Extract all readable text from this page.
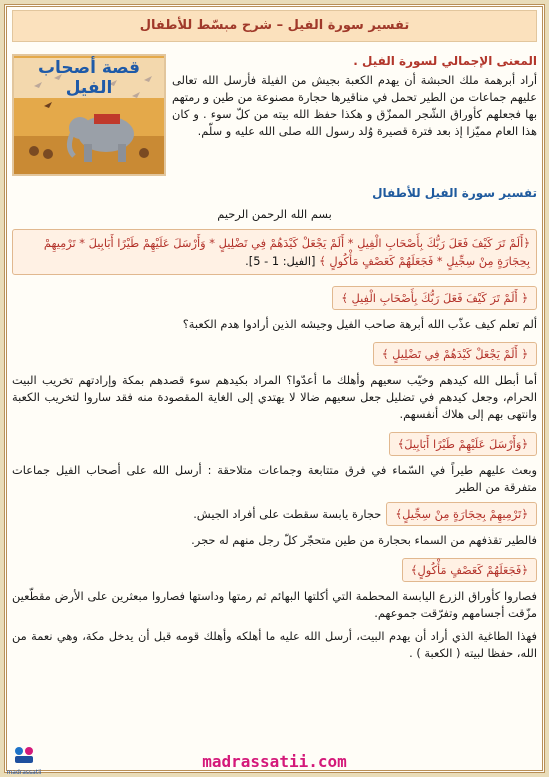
تفسير سورة الفيل – شرح مبسّط للأطفال
المعنى الإجمالي لسورة الفيل .

أراد أبرهمة ملك الحبشة أن يهدم الكعبة بجيش من الفيلة فأرسل الله تعالى عليهم جماعات من الطير تحمل في مناقيرها حجارة مصنوعة من طين و رمتهم بها فجعلهم كأوراق الشّجر الممزّق و هكذا حفظ الله بيته من كلّ سوء . و كان هذا العام مميّزا إذ بعد فترة قصيرة وُلد رسول الله صلى الله عليه و سلّم.

قصة أصحاب الفيل
تفسير سورة الفيل للأطفال

بسم الله الرحمن الرحيم

﴿أَلَمْ تَرَ كَيْفَ فَعَلَ رَبُّكَ بِأَصْحَابِ الْفِيلِ * أَلَمْ يَجْعَلْ كَيْدَهُمْ فِي تَضْلِيلٍ * وَأَرْسَلَ عَلَيْهِمْ طَيْرًا أَبَابِيلَ * تَرْمِيهِمْ بِحِجَارَةٍ مِنْ سِجِّيلٍ * فَجَعَلَهُمْ كَعَصْفٍ مَأْكُولٍ ﴾ [الفيل: 1 - 5].
﴿ أَلَمْ تَرَ كَيْفَ فَعَلَ رَبُّكَ بِأَصْحَابِ الْفِيلِ ﴾

ألم تعلم كيف عذّب الله أبرهة صاحب الفيل وجيشه الذين أرادوا هدم الكعبة؟

﴿ أَلَمْ يَجْعَلْ كَيْدَهُمْ فِي تَضْلِيلٍ ﴾

أما أبطل الله كيدهم وخيّب سعيهم وأهلك ما أعدّوا؟ المراد بكيدهم سوء قصدهم بمكة وإرادتهم تخريب البيت الحرام، وجعل كيدهم في تضليل جعل سعيهم ضالا لا يهتدي إلى الغاية المقصودة منه فقد ساروا لتخريب الكعبة وانتهى بهم إلى هلاك أنفسهم.

﴿وَأَرْسَلَ عَلَيْهِمْ طَيْرًا أَبَابِيلَ﴾

وبعث عليهم طيراً في السّماء في فرق متتابعة وجماعات متلاحقة : أرسل الله على أصحاب الفيل جماعات متفرقة من الطير

﴿تَرْمِيهِمْ بِحِجَارَةٍ مِنْ سِجِّيلٍ﴾ حجارة يابسة سقطت على أفراد الجيش.

فالطير تقذفهم من السماء بحجارة من طين متحجّر كلّ رجل منهم له حجر.

﴿فَجَعَلَهُمْ كَعَصْفٍ مَأْكُولٍ﴾

فصاروا كأوراق الزرع اليابسة المحطمة التي أكلتها البهائم ثم رمتها وداستها فصاروا مبعثرين على الأرض مقطّعين مزّقت أجسامهم وتفرّقت جموعهم.

فهذا الطاغية الذي أراد أن يهدم البيت، أرسل الله عليه ما أهلكه وأهلك قومه قبل أن يدخل مكة، وهي نعمة من الله، حفظا لبيته ( الكعبة ) .

madrassatii
madrassatii.com
